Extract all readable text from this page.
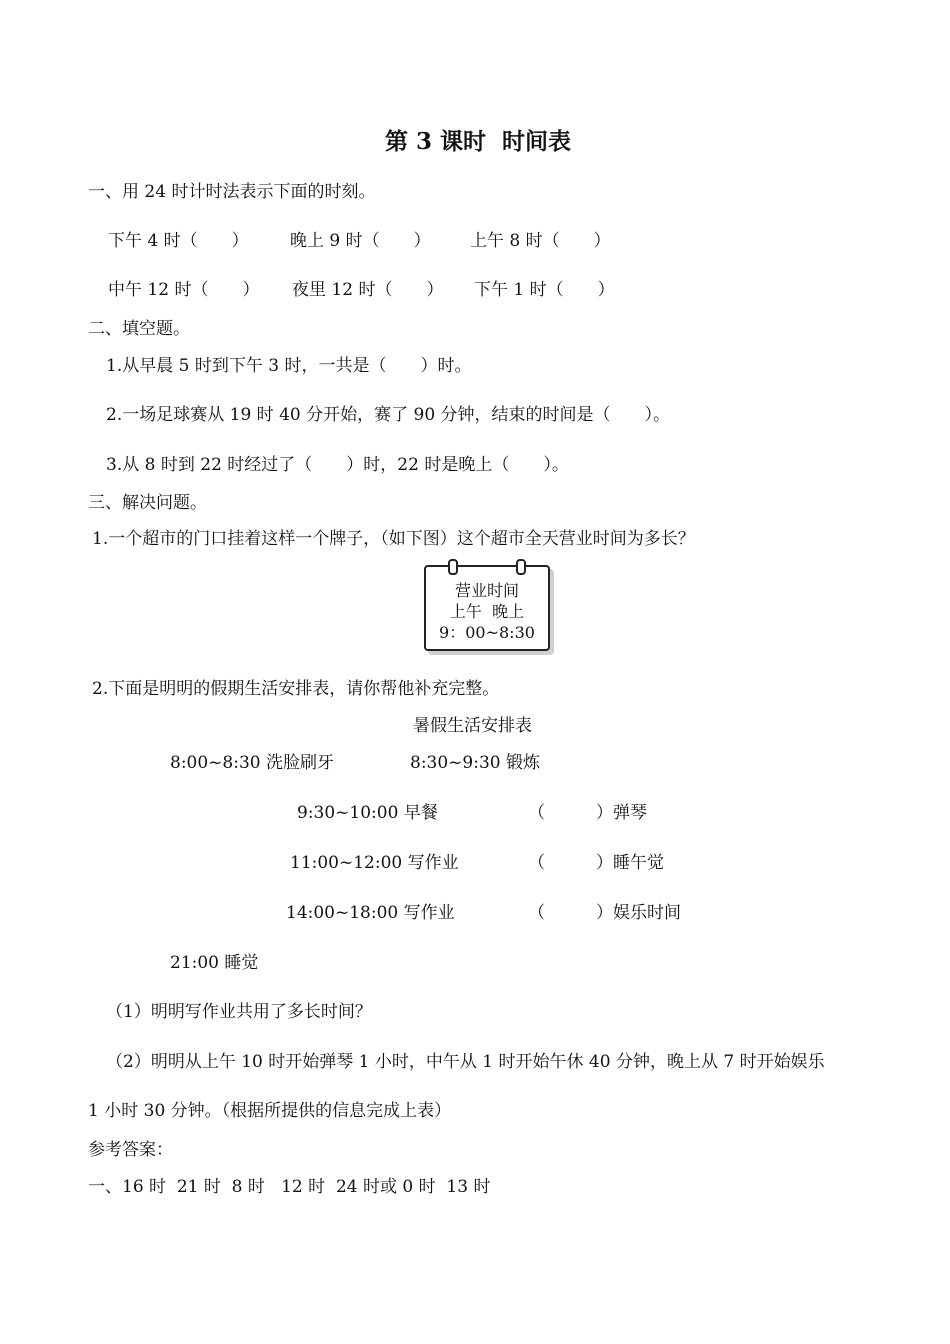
第 3 课时  时间表
一、用 24 时计时法表示下面的时刻。
下午 4 时（　　） 晚上 9 时（　　） 上午 8 时（　　）
中午 12 时（　　） 夜里 12 时（　　） 下午 1 时（　　）
二、填空题。
1.从早晨 5 时到下午 3 时，一共是（　　）时。
2.一场足球赛从 19 时 40 分开始，赛了 90 分钟，结束的时间是（　　）。
3.从 8 时到 22 时经过了（　　）时，22 时是晚上（　　）。
三、解决问题。
1.一个超市的门口挂着这样一个牌子，（如下图）这个超市全天营业时间为多长？
营业时间
上午  晚上
9：00~8:30
2.下面是明明的假期生活安排表，请你帮他补充完整。
暑假生活安排表
8:00~8:30 洗脸刷牙	8:30~9:30 锻炼
9:30~10:00 早餐	（　　　）弹琴
11:00~12:00 写作业	（　　　）睡午觉
14:00~18:00 写作业	（　　　）娱乐时间
21:00 睡觉
（1）明明写作业共用了多长时间？
（2）明明从上午 10 时开始弹琴 1 小时，中午从 1 时开始午休 40 分钟，晚上从 7 时开始娱乐
1 小时 30 分钟。（根据所提供的信息完成上表）
参考答案：
一、16 时  21 时  8 时   12 时  24 时或 0 时  13 时
